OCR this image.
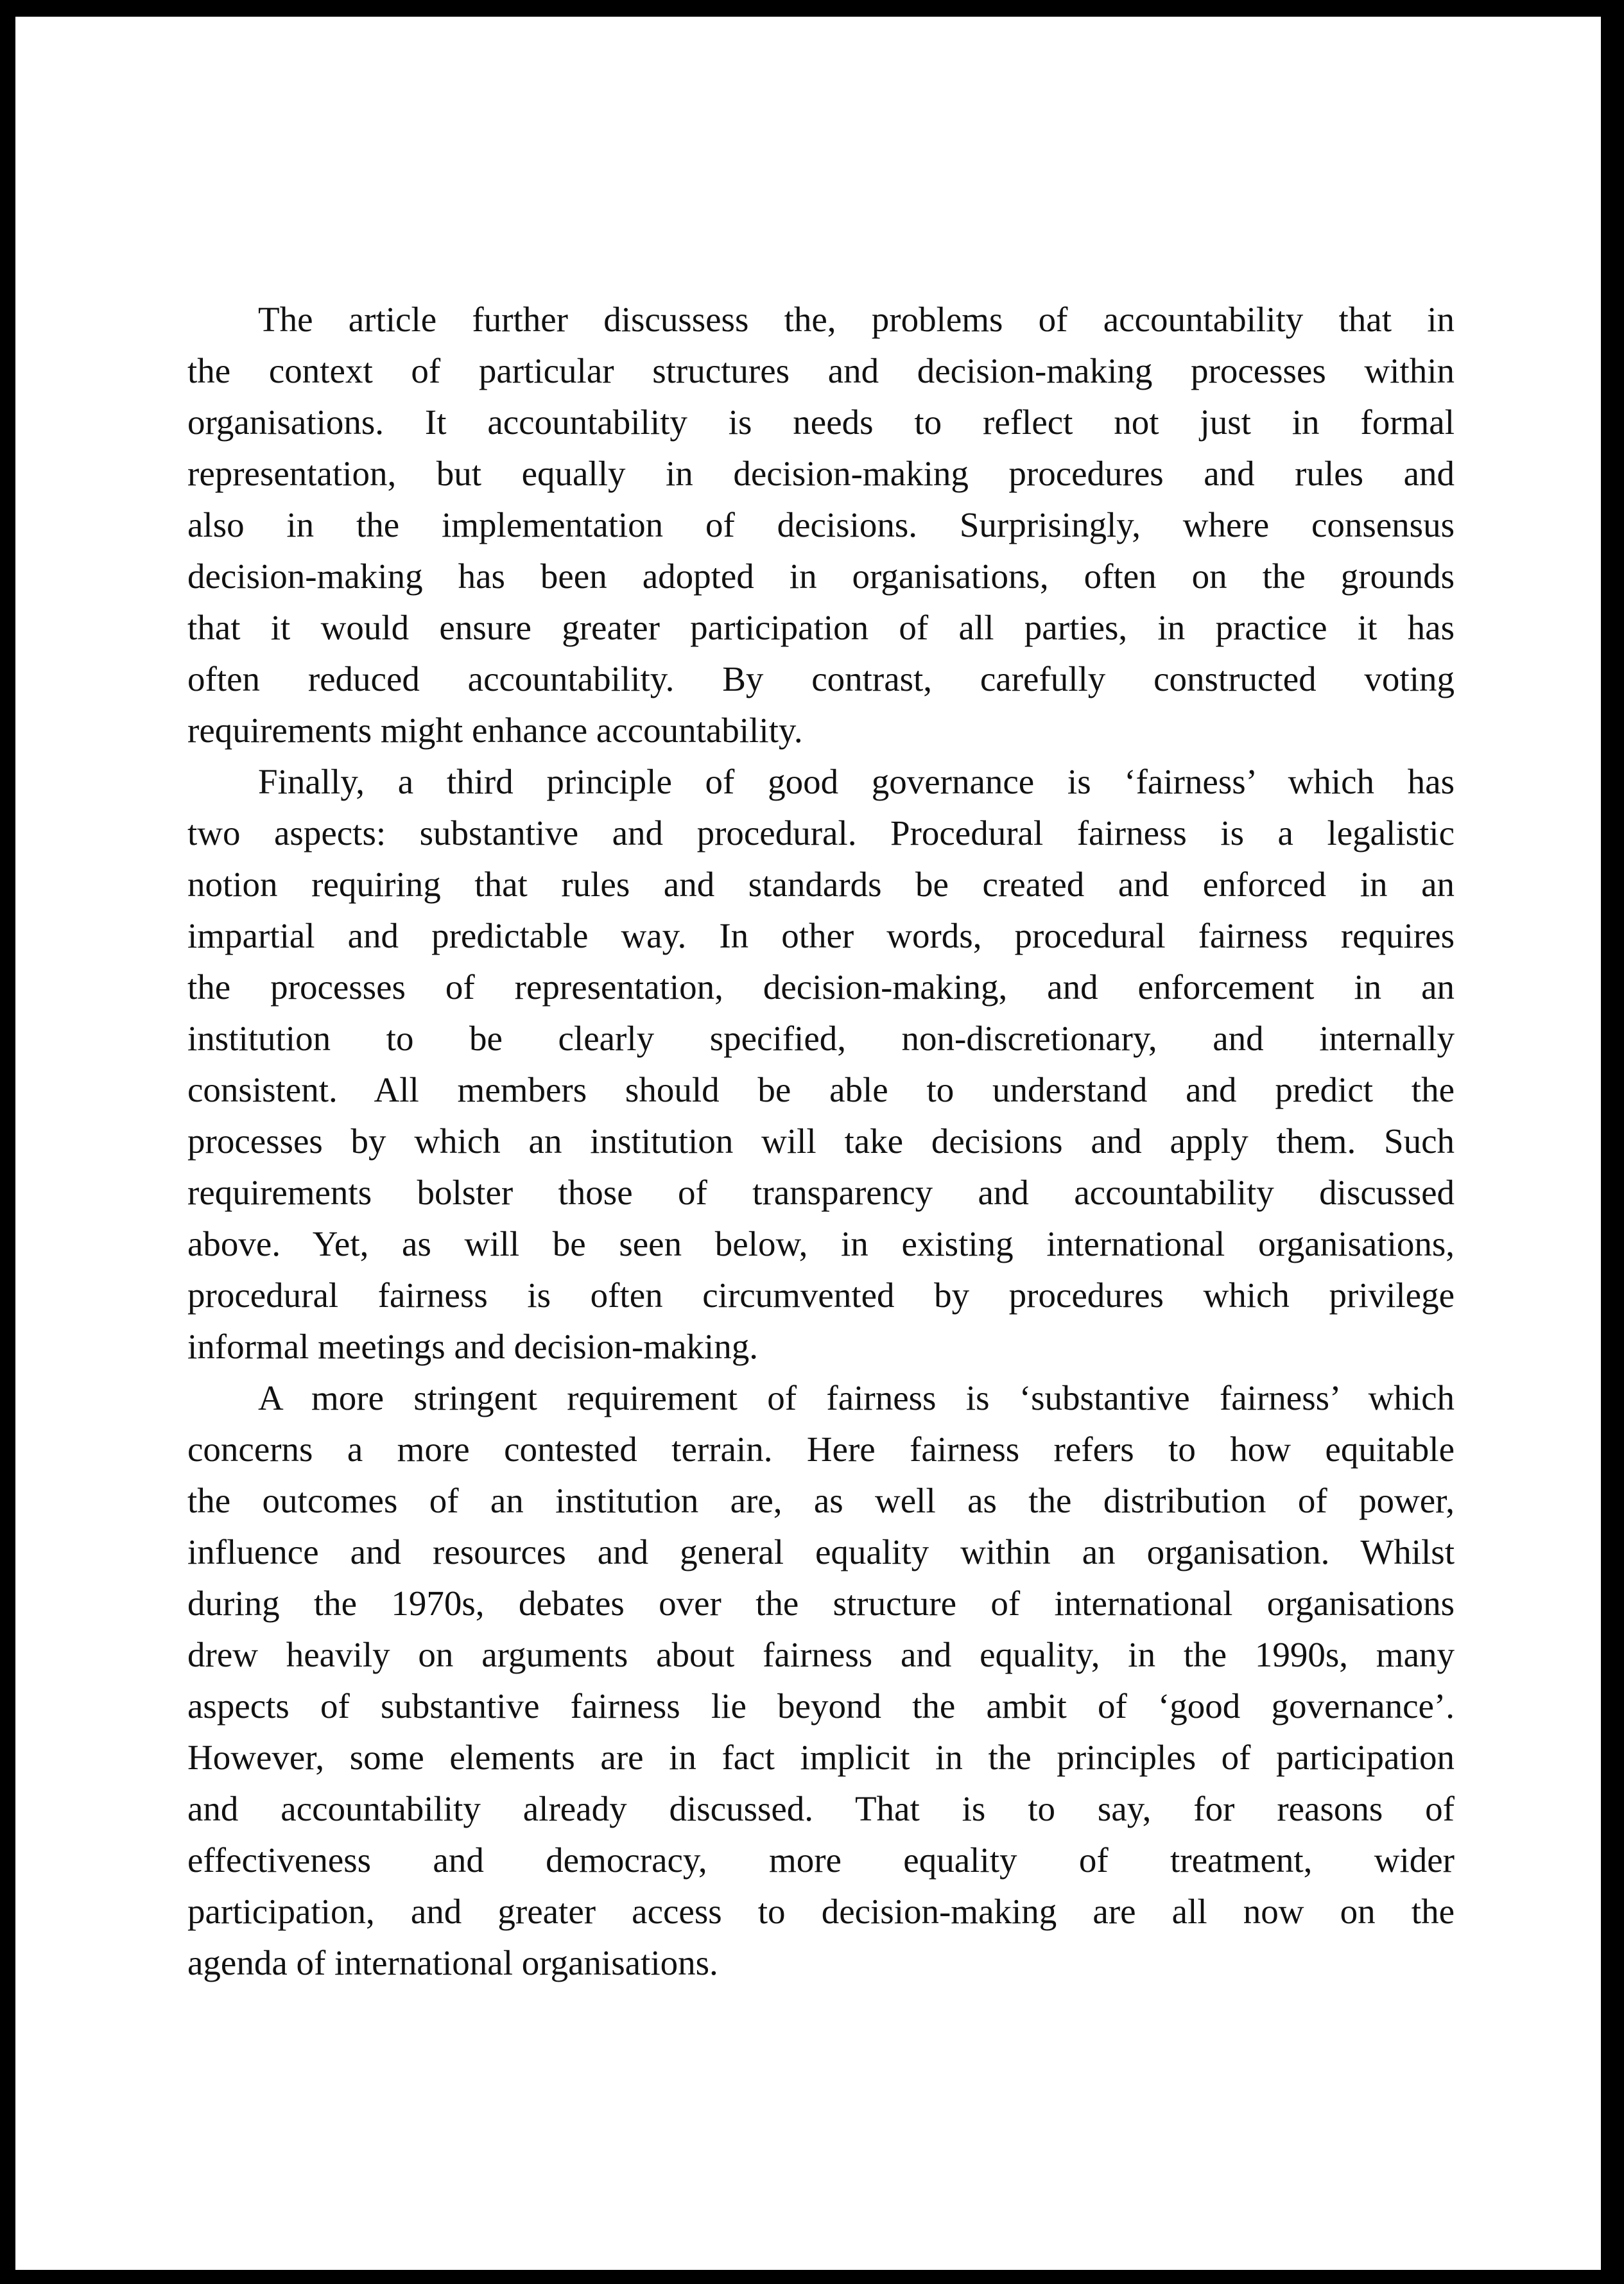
The article further discussess the, problems of accountability that in
the context of particular structures and decision-making processes within
organisations. It accountability is needs to reflect not just in formal
representation, but equally in decision-making procedures and rules and
also in the implementation of decisions. Surprisingly, where consensus
decision-making has been adopted in organisations, often on the grounds
that it would ensure greater participation of all parties, in practice it has
often reduced accountability. By contrast, carefully constructed voting
requirements might enhance accountability.
Finally, a third principle of good governance is ‘fairness’ which has
two aspects: substantive and procedural. Procedural fairness is a legalistic
notion requiring that rules and standards be created and enforced in an
impartial and predictable way. In other words, procedural fairness requires
the processes of representation, decision-making, and enforcement in an
institution to be clearly specified, non-discretionary, and internally
consistent. All members should be able to understand and predict the
processes by which an institution will take decisions and apply them. Such
requirements bolster those of transparency and accountability discussed
above. Yet, as will be seen below, in existing international organisations,
procedural fairness is often circumvented by procedures which privilege
informal meetings and decision-making.
A more stringent requirement of fairness is ‘substantive fairness’ which
concerns a more contested terrain. Here fairness refers to how equitable
the outcomes of an institution are, as well as the distribution of power,
influence and resources and general equality within an organisation. Whilst
during the 1970s, debates over the structure of international organisations
drew heavily on arguments about fairness and equality, in the 1990s, many
aspects of substantive fairness lie beyond the ambit of ‘good governance’.
However, some elements are in fact implicit in the principles of participation
and accountability already discussed. That is to say, for reasons of
effectiveness and democracy, more equality of treatment, wider
participation, and greater access to decision-making are all now on the
agenda of international organisations.
